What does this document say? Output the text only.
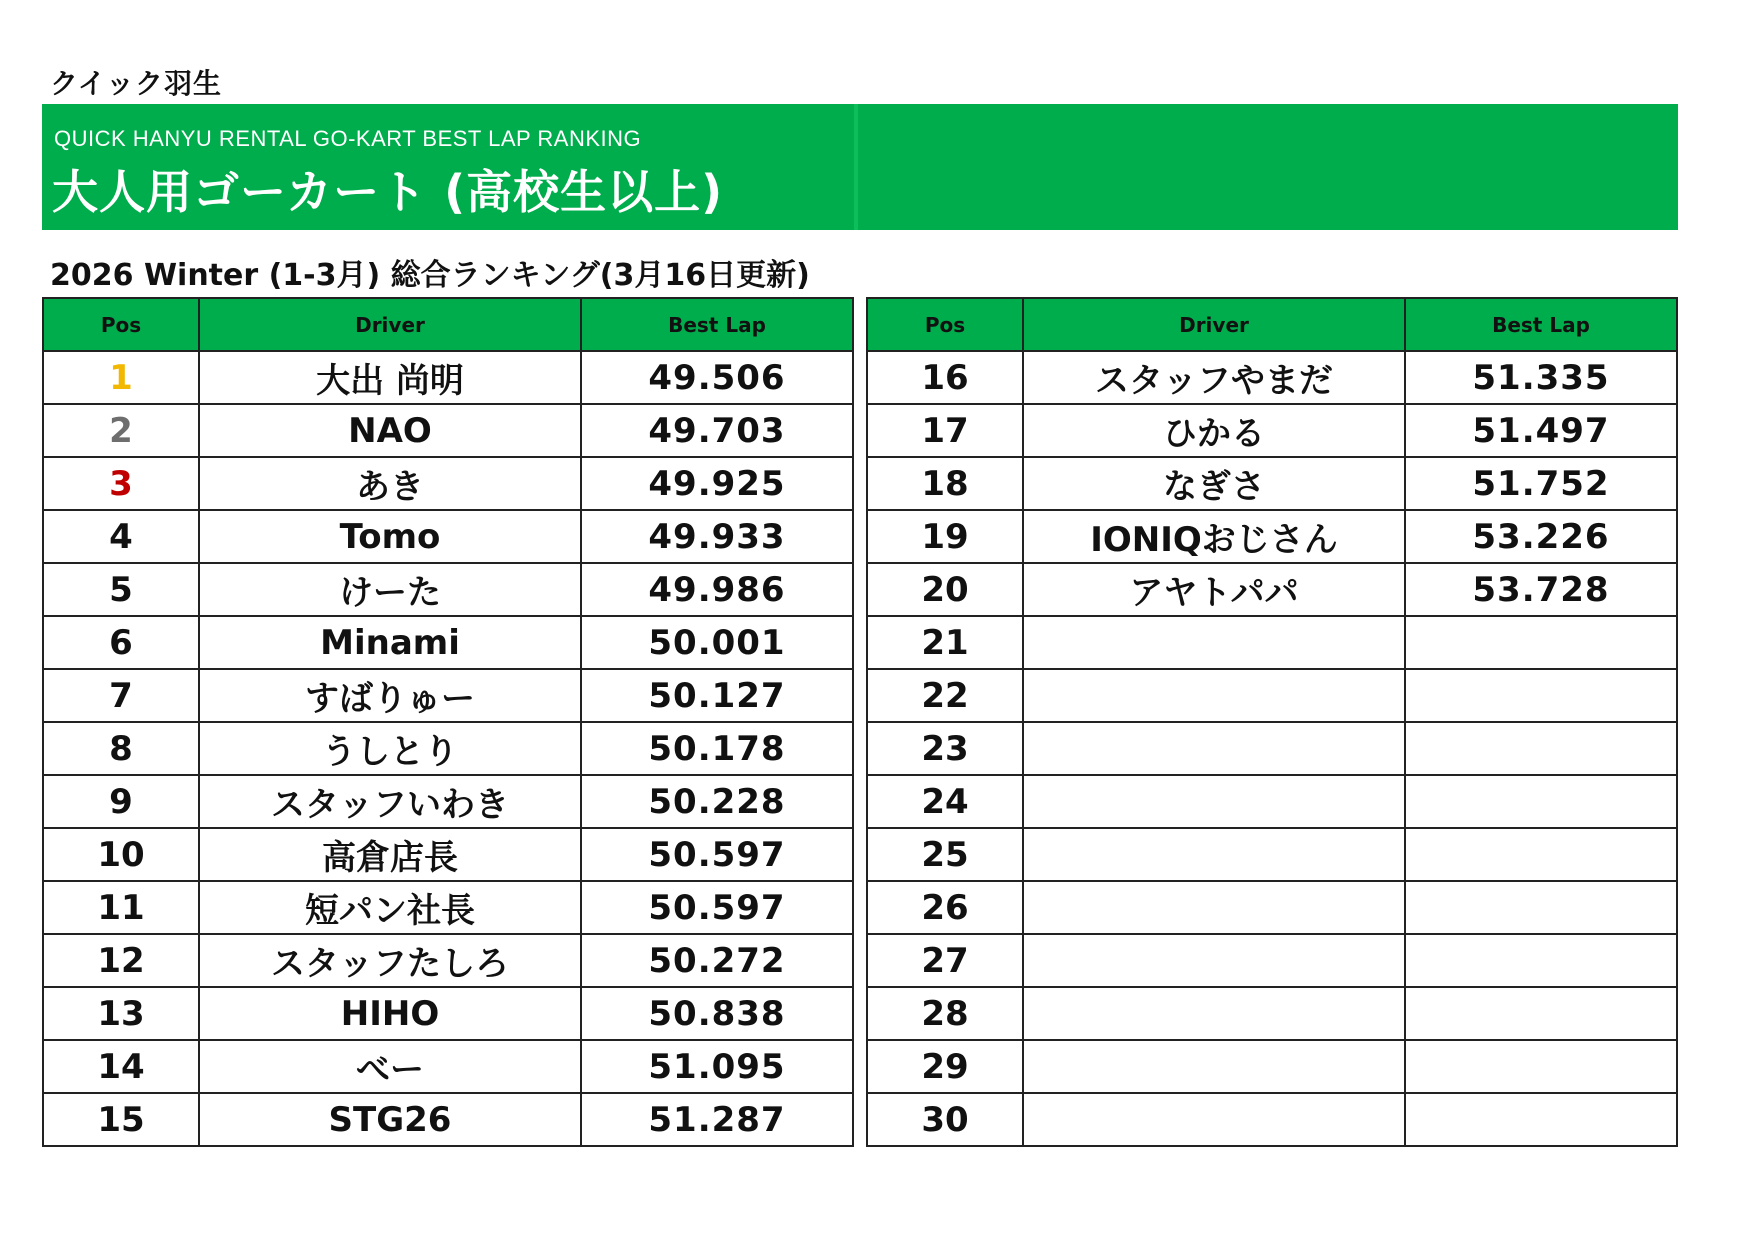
クイック羽生
QUICK HANYU RENTAL GO-KART BEST LAP RANKING
大人用ゴーカート (高校生以上)
2026 Winter (1-3月) 総合ランキング(3月16日更新)
Pos	Driver	Best Lap
1	大出 尚明	49.506
2	NAO	49.703
3	あき	49.925
4	Tomo	49.933
5	けーた	49.986
6	Minami	50.001
7	すばりゅー	50.127
8	うしとり	50.178
9	スタッフいわき	50.228
10	高倉店長	50.597
11	短パン社長	50.597
12	スタッフたしろ	50.272
13	HIHO	50.838
14	べー	51.095
15	STG26	51.287
Pos	Driver	Best Lap
16	スタッフやまだ	51.335
17	ひかる	51.497
18	なぎさ	51.752
19	IONIQおじさん	53.226
20	アヤトパパ	53.728
21		
22		
23		
24		
25		
26		
27		
28		
29		
30		
